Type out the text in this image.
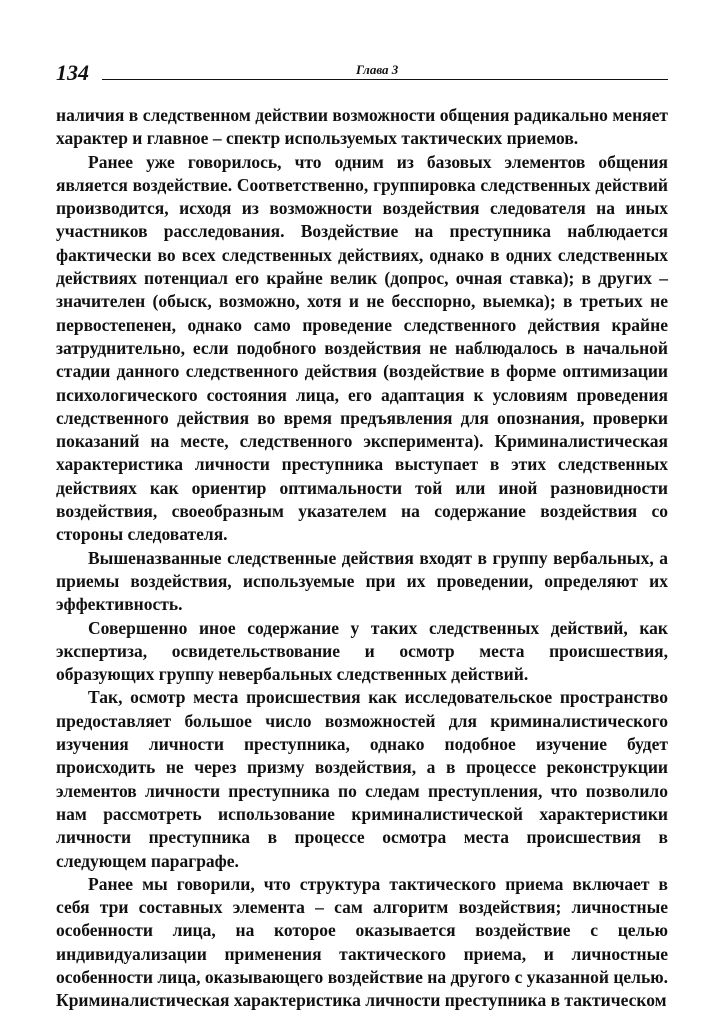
134	Глава 3

наличия в следственном действии возможности общения радикально меняет характер и главное – спектр используемых тактических приемов.

Ранее уже говорилось, что одним из базовых элементов общения является воздействие. Соответственно, группировка следственных действий производится, исходя из возможности воздействия следователя на иных участников расследования. Воздействие на преступника наблюдается фактически во всех следственных действиях, однако в одних следственных действиях потенциал его крайне велик (допрос, очная ставка); в других – значителен (обыск, возможно, хотя и не бесспорно, выемка); в третьих не первостепенен, однако само проведение следственного действия крайне затруднительно, если подобного воздействия не наблюдалось в начальной стадии данного следственного действия (воздействие в форме оптимизации психологического состояния лица, его адаптация к условиям проведения следственного действия во время предъявления для опознания, проверки показаний на месте, следственного эксперимента). Криминалистическая характеристика личности преступника выступает в этих следственных действиях как ориентир оптимальности той или иной разновидности воздействия, своеобразным указателем на содержание воздействия со стороны следователя.

Вышеназванные следственные действия входят в группу вербальных, а приемы воздействия, используемые при их проведении, определяют их эффективность.

Совершенно иное содержание у таких следственных действий, как экспертиза, освидетельствование и осмотр места происшествия, образующих группу невербальных следственных действий.

Так, осмотр места происшествия как исследовательское пространство предоставляет большое число возможностей для криминалистического изучения личности преступника, однако подобное изучение будет происходить не через призму воздействия, а в процессе реконструкции элементов личности преступника по следам преступления, что позволило нам рассмотреть использование криминалистической характеристики личности преступника в процессе осмотра места происшествия в следующем параграфе.

Ранее мы говорили, что структура тактического приема включает в себя три составных элемента – сам алгоритм воздействия; личностные особенности лица, на которое оказывается воздействие с целью индивидуализации применения тактического приема, и личностные особенности лица, оказывающего воздействие на другого с указанной целью. Криминалистическая характеристика личности преступника в тактическом
